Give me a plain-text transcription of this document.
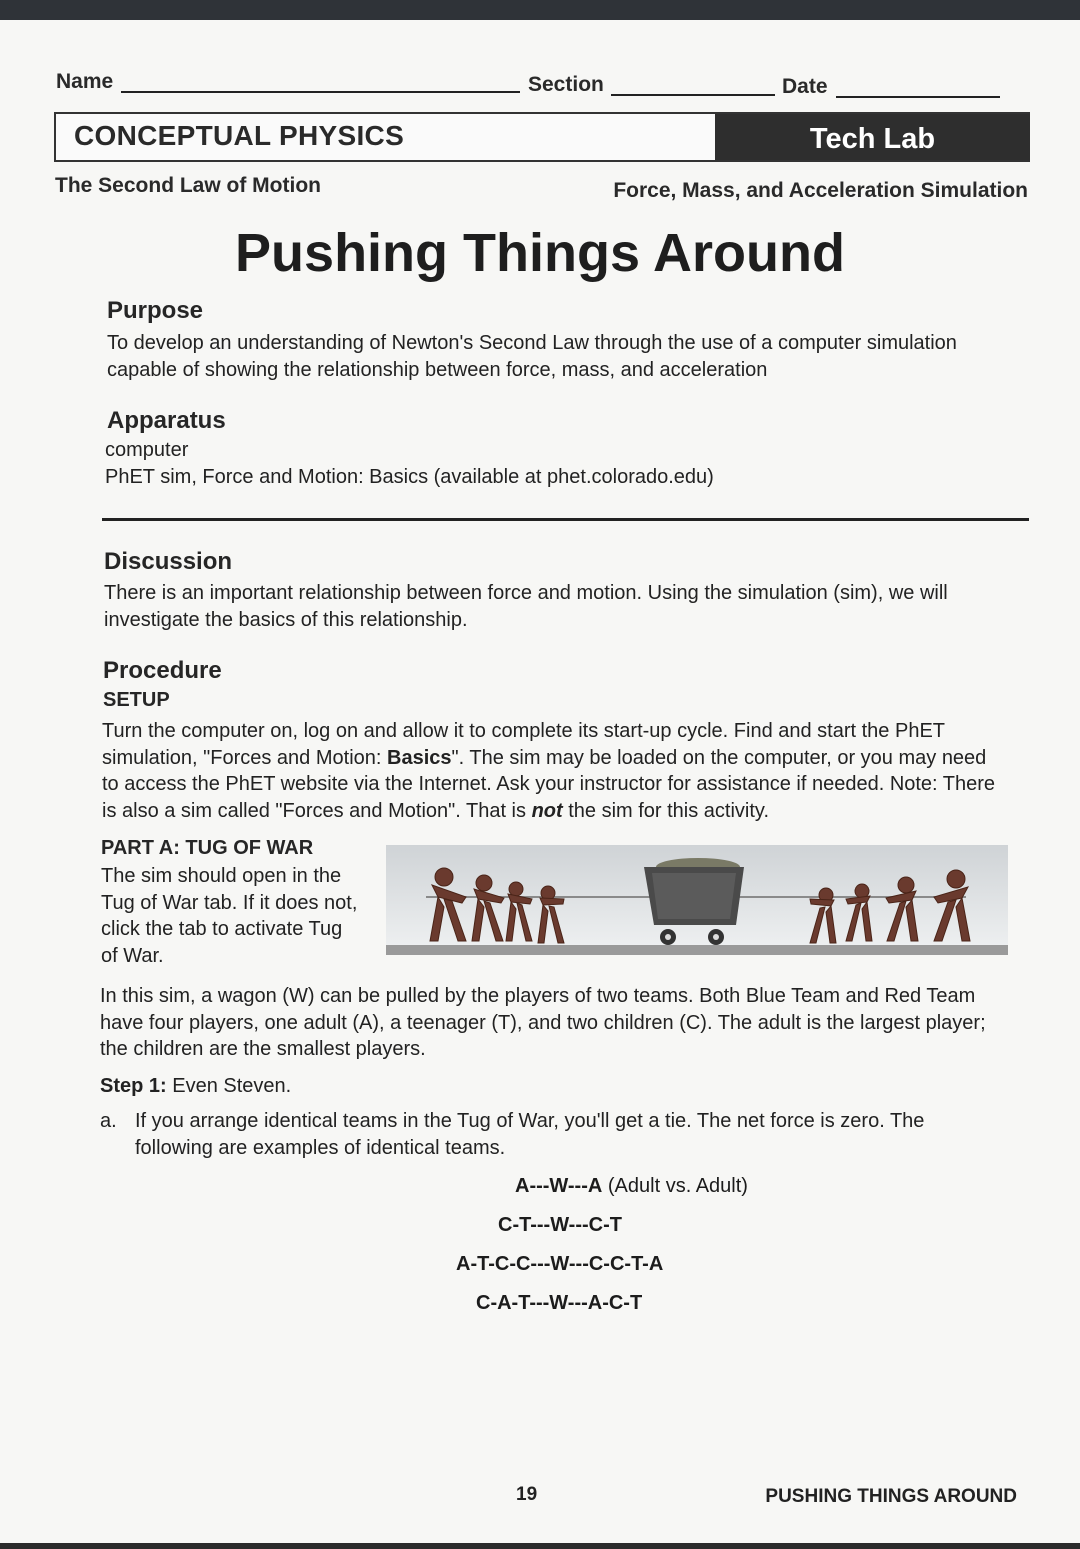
Name	Section	Date
CONCEPTUAL PHYSICS	Tech Lab
The Second Law of Motion	Force, Mass, and Acceleration Simulation
Pushing Things Around
Purpose
To develop an understanding of Newton's Second Law through the use of a computer simulation
capable of showing the relationship between force, mass, and acceleration
Apparatus
computer
PhET sim, Force and Motion: Basics (available at phet.colorado.edu)
Discussion
There is an important relationship between force and motion. Using the simulation (sim), we will
investigate the basics of this relationship.
Procedure
SETUP
Turn the computer on, log on and allow it to complete its start-up cycle. Find and start the PhET
simulation, "Forces and Motion: Basics". The sim may be loaded on the computer, or you may need
to access the PhET website via the Internet. Ask your instructor for assistance if needed. Note: There
is also a sim called "Forces and Motion". That is not the sim for this activity.
PART A: TUG OF WAR
The sim should open in the
Tug of War tab. If it does not,
click the tab to activate Tug
of War.
In this sim, a wagon (W) can be pulled by the players of two teams. Both Blue Team and Red Team
have four players, one adult (A), a teenager (T), and two children (C). The adult is the largest player;
the children are the smallest players.
Step 1: Even Steven.
a. If you arrange identical teams in the Tug of War, you'll get a tie. The net force is zero. The
following are examples of identical teams.
A---W---A (Adult vs. Adult)
C-T---W---C-T
A-T-C-C---W---C-C-T-A
C-A-T---W---A-C-T
19	PUSHING THINGS AROUND
